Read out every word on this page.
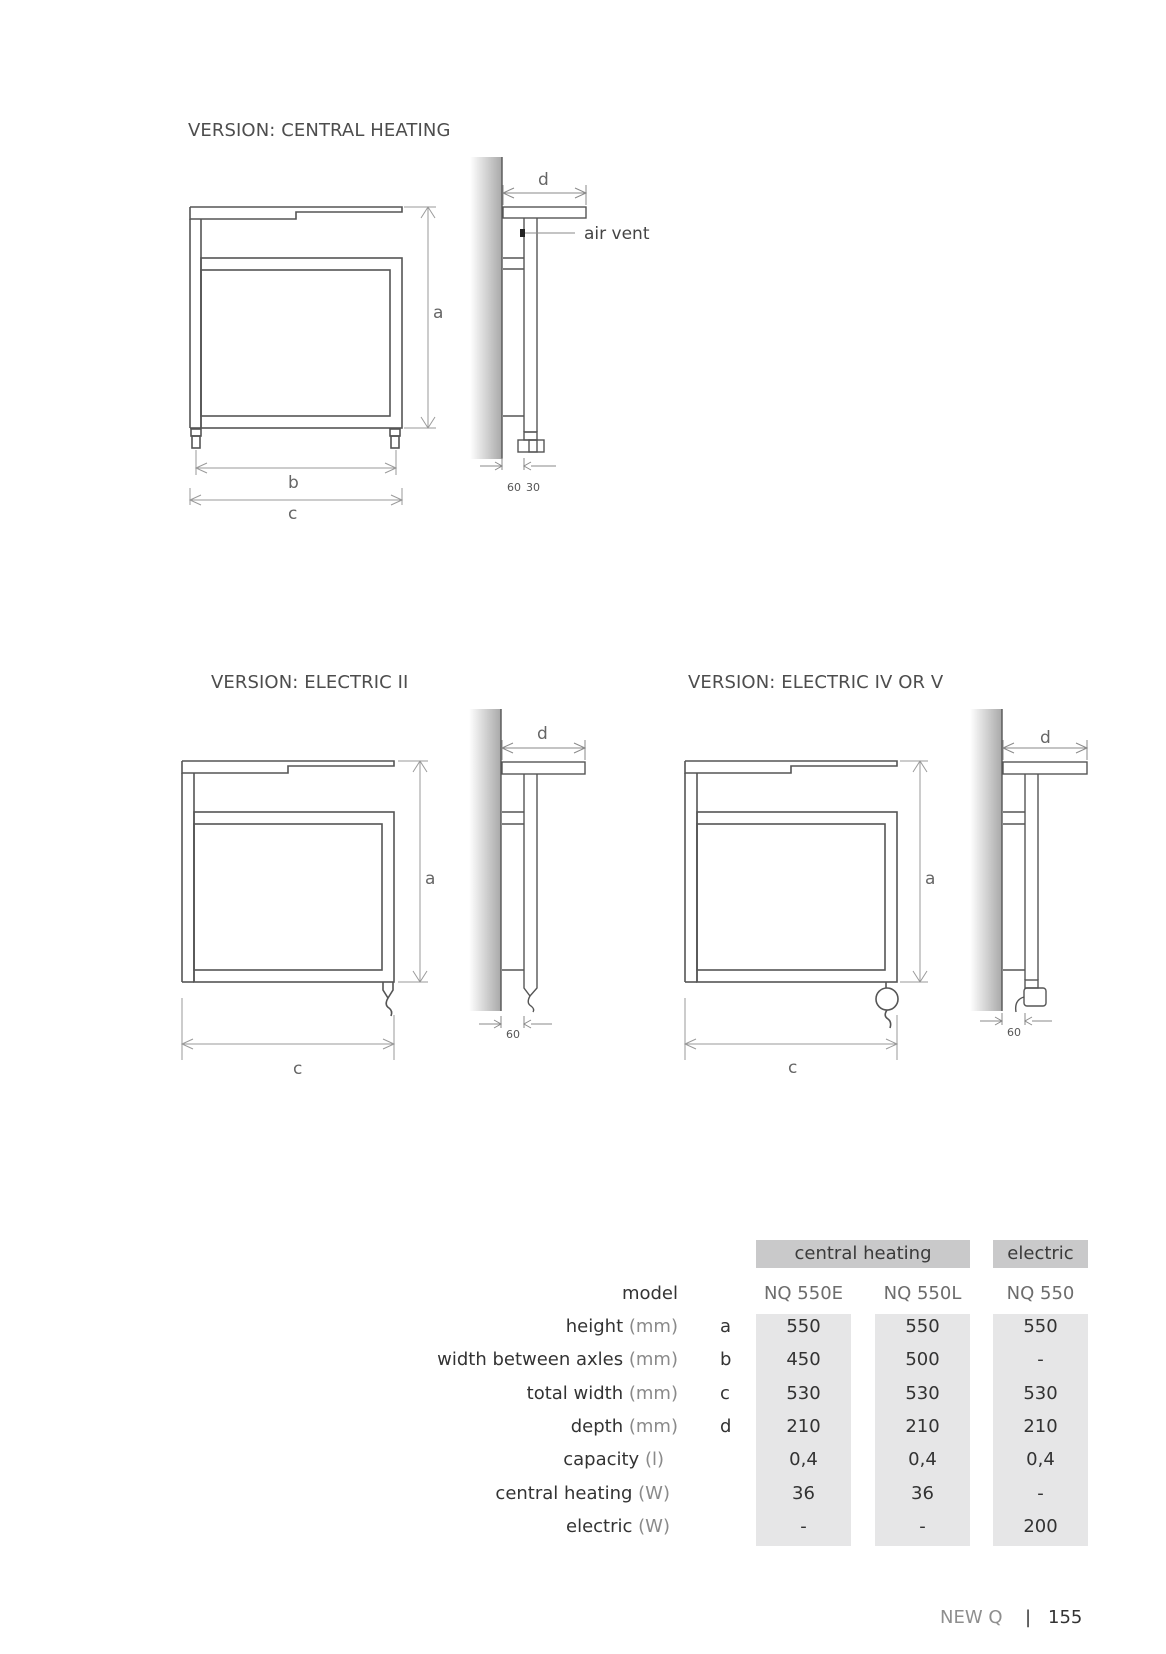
VERSION: CENTRAL HEATING
a
b
c
d
air vent
60 30
VERSION: ELECTRIC II
a
c
d
60
VERSION: ELECTRIC IV OR V
a
c
d
60
central heating	electric
model	NQ 550E	NQ 550L	NQ 550
height (mm) a	550	550	550
width between axles (mm) b	450	500	-
total width (mm) c	530	530	530
depth (mm) d	210	210	210
capacity (l)	0,4	0,4	0,4
central heating (W)	36	36	-
electric (W)	-	-	200
NEW Q | 155
